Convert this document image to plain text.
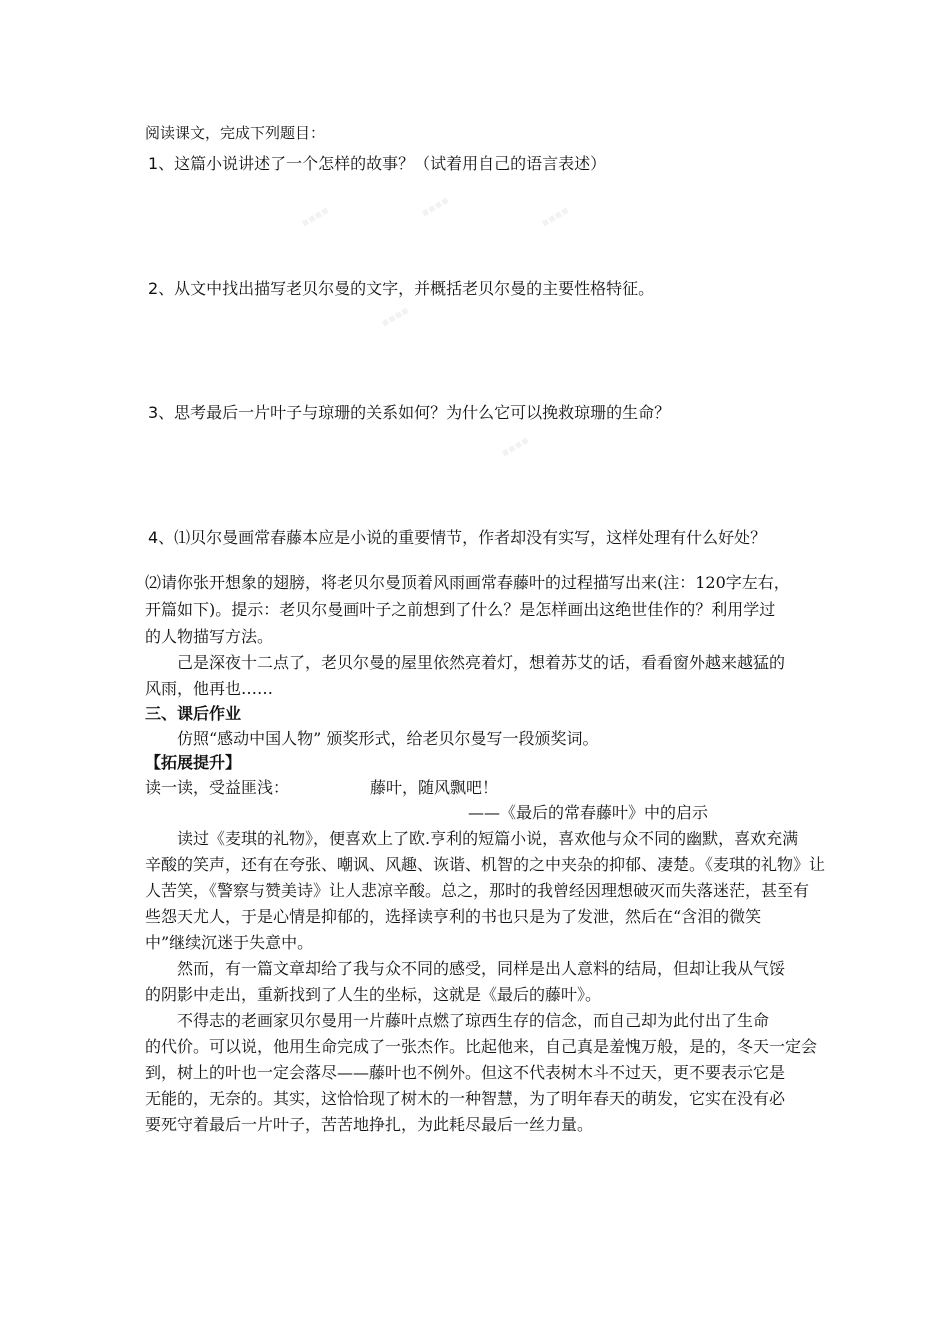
▪▪▪▪	▪▪▪▪	▪▪▪▪
▪▪▪▪
▪▪▪▪
阅读课文，完成下列题目：
1、这篇小说讲述了一个怎样的故事？（试着用自己的语言表述）
2、从文中找出描写老贝尔曼的文字，并概括老贝尔曼的主要性格特征。
3、思考最后一片叶子与琼珊的关系如何？为什么它可以挽救琼珊的生命？
4、⑴贝尔曼画常春藤本应是小说的重要情节，作者却没有实写，这样处理有什么好处？
⑵请你张开想象的翅膀，将老贝尔曼顶着风雨画常春藤叶的过程描写出来(注：120字左右，
开篇如下)。提示：老贝尔曼画叶子之前想到了什么？是怎样画出这绝世佳作的？利用学过
的人物描写方法。
己是深夜十二点了，老贝尔曼的屋里依然亮着灯，想着苏艾的话，看看窗外越来越猛的
风雨，他再也……
三、课后作业
仿照“感动中国人物” 颁奖形式，给老贝尔曼写一段颁奖词。
【拓展提升】
读一读，受益匪浅：	藤叶，随风飘吧！
——《最后的常春藤叶》中的启示
读过《麦琪的礼物》，便喜欢上了欧.亨利的短篇小说，喜欢他与众不同的幽默，喜欢充满
辛酸的笑声，还有在夸张、嘲讽、风趣、诙谐、机智的之中夹杂的抑郁、凄楚。《麦琪的礼物》让
人苦笑，《警察与赞美诗》让人悲凉辛酸。总之，那时的我曾经因理想破灭而失落迷茫，甚至有
些怨天尤人，于是心情是抑郁的，选择读亨利的书也只是为了发泄，然后在“含泪的微笑
中”继续沉迷于失意中。
然而，有一篇文章却给了我与众不同的感受，同样是出人意料的结局，但却让我从气馁
的阴影中走出，重新找到了人生的坐标，这就是《最后的藤叶》。
不得志的老画家贝尔曼用一片藤叶点燃了琼西生存的信念，而自己却为此付出了生命
的代价。可以说，他用生命完成了一张杰作。比起他来，自己真是羞愧万般，是的，冬天一定会
到，树上的叶也一定会落尽——藤叶也不例外。但这不代表树木斗不过天，更不要表示它是
无能的，无奈的。其实，这恰恰现了树木的一种智慧，为了明年春天的萌发，它实在没有必
要死守着最后一片叶子，苦苦地挣扎，为此耗尽最后一丝力量。
